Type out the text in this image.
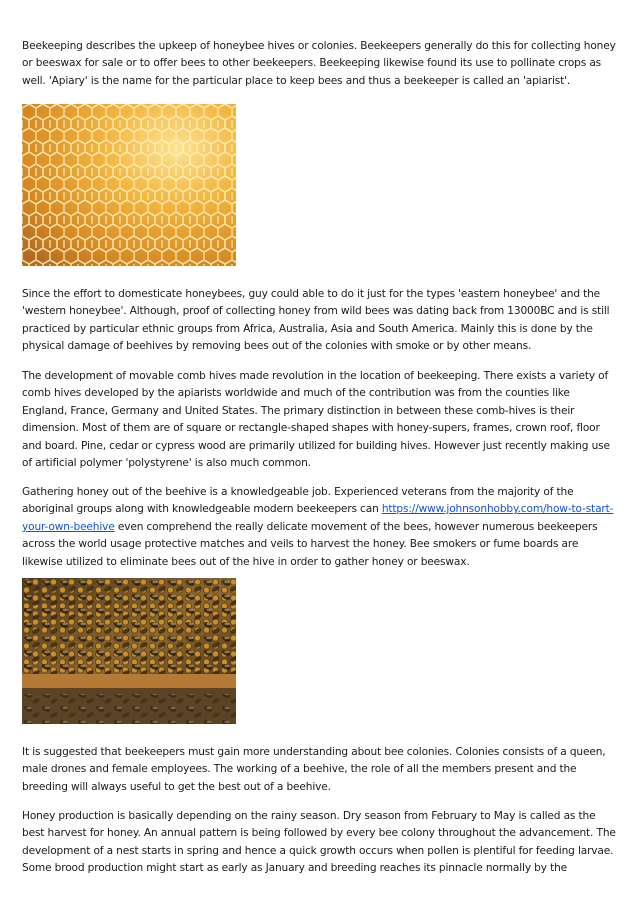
Beekeeping describes the upkeep of honeybee hives or colonies. Beekeepers generally do this for collecting honey or beeswax for sale or to offer bees to other beekeepers. Beekeeping likewise found its use to pollinate crops as well. 'Apiary' is the name for the particular place to keep bees and thus a beekeeper is called an 'apiarist'.

Since the effort to domesticate honeybees, guy could able to do it just for the types 'eastern honeybee' and the 'western honeybee'. Although, proof of collecting honey from wild bees was dating back from 13000BC and is still practiced by particular ethnic groups from Africa, Australia, Asia and South America. Mainly this is done by the physical damage of beehives by removing bees out of the colonies with smoke or by other means.

The development of movable comb hives made revolution in the location of beekeeping. There exists a variety of comb hives developed by the apiarists worldwide and much of the contribution was from the counties like England, France, Germany and United States. The primary distinction in between these comb-hives is their dimension. Most of them are of square or rectangle-shaped shapes with honey-supers, frames, crown roof, floor and board. Pine, cedar or cypress wood are primarily utilized for building hives. However just recently making use of artificial polymer 'polystyrene' is also much common.

Gathering honey out of the beehive is a knowledgeable job. Experienced veterans from the majority of the aboriginal groups along with knowledgeable modern beekeepers can https://www.johnsonhobby.com/how-to-start-your-own-beehive even comprehend the really delicate movement of the bees, however numerous beekeepers across the world usage protective matches and veils to harvest the honey. Bee smokers or fume boards are likewise utilized to eliminate bees out of the hive in order to gather honey or beeswax.

It is suggested that beekeepers must gain more understanding about bee colonies. Colonies consists of a queen, male drones and female employees. The working of a beehive, the role of all the members present and the breeding will always useful to get the best out of a beehive.

Honey production is basically depending on the rainy season. Dry season from February to May is called as the best harvest for honey. An annual pattern is being followed by every bee colony throughout the advancement. The development of a nest starts in spring and hence a quick growth occurs when pollen is plentiful for feeding larvae. Some brood production might start as early as January and breeding reaches its pinnacle normally by the
